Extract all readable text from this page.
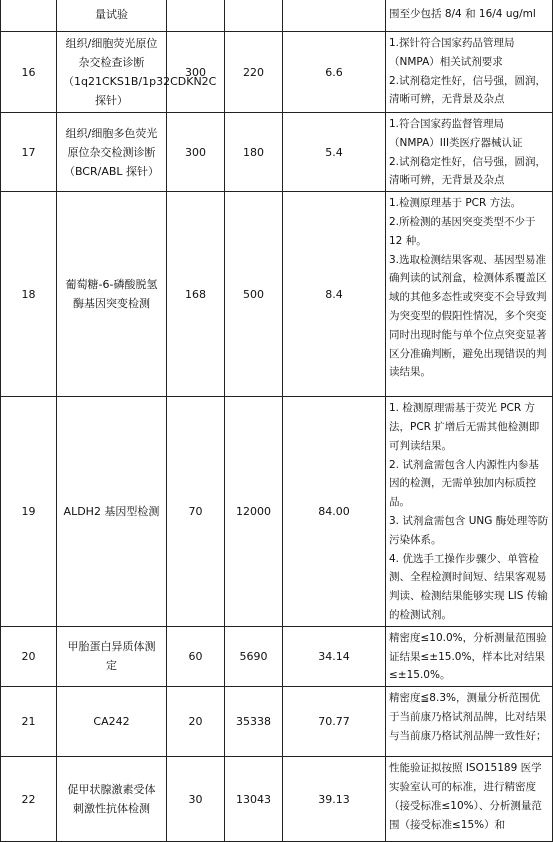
	量试验				围至少包括 8/4 和 16/4 ug/ml

16	组织/细胞荧光原位杂交检查诊断（1q21CKS1B/1p32CDKN2C 探针）	300	220	6.6	1.探针符合国家药品管理局（NMPA）相关试剂要求

2.试剂稳定性好，信号强，圆润，清晰可辨，无背景及杂点

17	组织/细胞多色荧光原位杂交检测诊断（BCR/ABL 探针）	300	180	5.4	1.符合国家药监督管理局（NMPA）III类医疗器械认证

2.试剂稳定性好，信号强，圆润，清晰可辨，无背景及杂点

18	葡萄糖-6-磷酸脱氢酶基因突变检测	168	500	8.4	1.检测原理基于 PCR 方法。

2.所检测的基因突变类型不少于 12 种。

3.选取检测结果客观、基因型易准确判读的试剂盒，检测体系覆盖区域的其他多态性或突变不会导致判为突变型的假阳性情况，多个突变同时出现时能与单个位点突变显著区分准确判断，避免出现错误的判读结果。

19	ALDH2 基因型检测	70	12000	84.00	1. 检测原理需基于荧光 PCR 方法，PCR 扩增后无需其他检测即可判读结果。

2. 试剂盒需包含人内源性内参基因的检测，无需单独加内标质控品。

3. 试剂盒需包含 UNG 酶处理等防污染体系。

4. 优选手工操作步骤少、单管检测、全程检测时间短、结果客观易判读、检测结果能够实现 LIS 传输的检测试剂。

20	甲胎蛋白异质体测定	60	5690	34.14	精密度≤10.0%，分析测量范围验证结果≤±15.0%，样本比对结果≤±15.0%。

21	CA242	20	35338	70.77	精密度≦8.3%，测量分析范围优于当前康乃格试剂品牌，比对结果与当前康乃格试剂品牌一致性好；

22	促甲状腺激素受体刺激性抗体检测	30	13043	39.13	性能验证拟按照 ISO15189 医学实验室认可的标准，进行精密度（接受标准≤10%）、分析测量范围（接受标准≤15%）和
